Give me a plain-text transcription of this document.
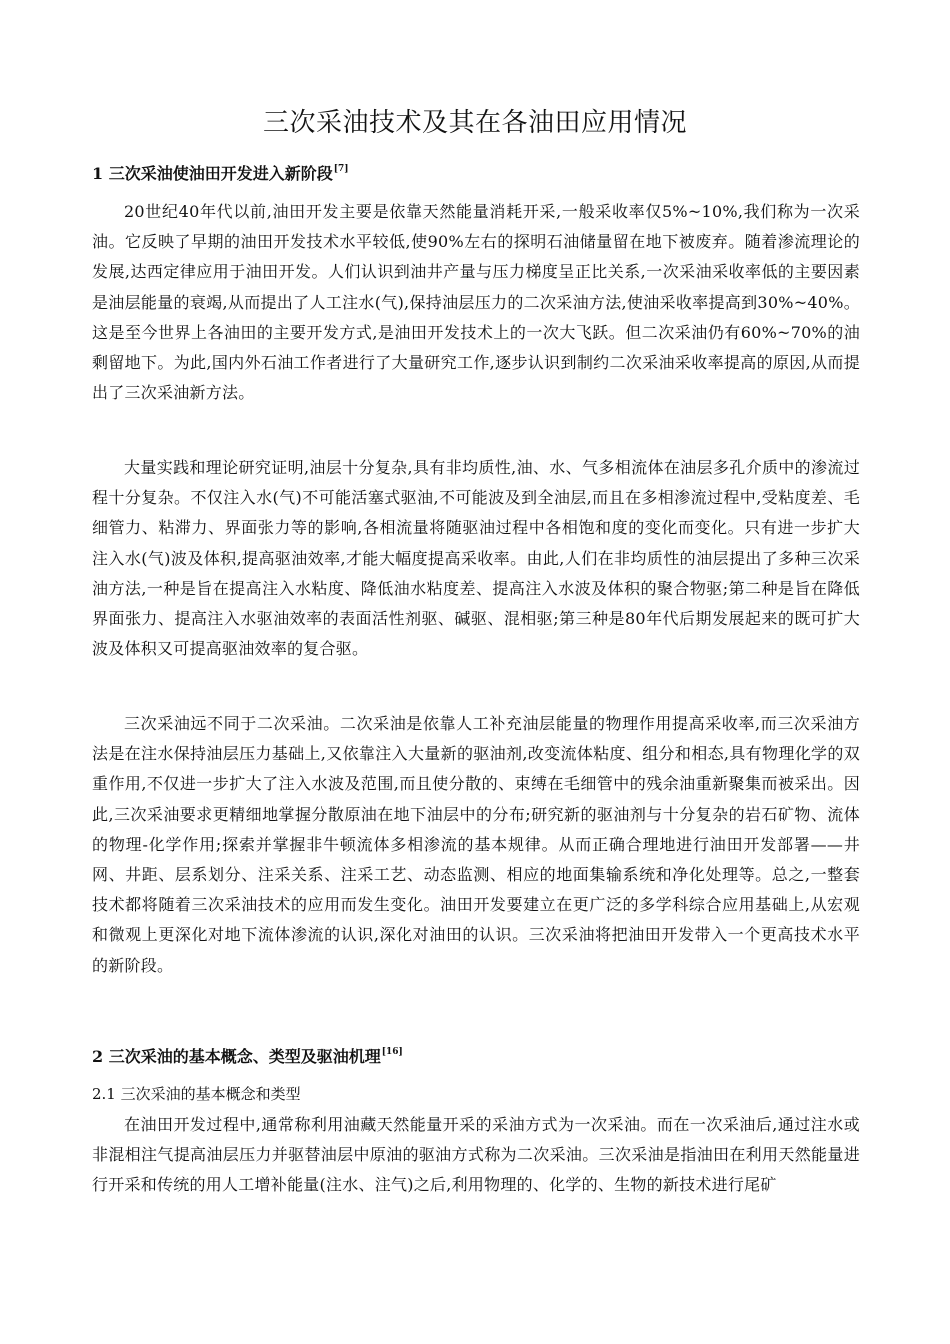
三次采油技术及其在各油田应用情况
1 三次采油使油田开发进入新阶段[7]

20世纪40年代以前,油田开发主要是依靠天然能量消耗开采,一般采收率仅5%~10%,我们称为一次采油。它反映了早期的油田开发技术水平较低,使90%左右的探明石油储量留在地下被废弃。随着渗流理论的发展,达西定律应用于油田开发。人们认识到油井产量与压力梯度呈正比关系,一次采油采收率低的主要因素是油层能量的衰竭,从而提出了人工注水(气),保持油层压力的二次采油方法,使油采收率提高到30%~40%。这是至今世界上各油田的主要开发方式,是油田开发技术上的一次大飞跃。但二次采油仍有60%~70%的油剩留地下。为此,国内外石油工作者进行了大量研究工作,逐步认识到制约二次采油采收率提高的原因,从而提出了三次采油新方法。

大量实践和理论研究证明,油层十分复杂,具有非均质性,油、水、气多相流体在油层多孔介质中的渗流过程十分复杂。不仅注入水(气)不可能活塞式驱油,不可能波及到全油层,而且在多相渗流过程中,受粘度差、毛细管力、粘滞力、界面张力等的影响,各相流量将随驱油过程中各相饱和度的变化而变化。只有进一步扩大注入水(气)波及体积,提高驱油效率,才能大幅度提高采收率。由此,人们在非均质性的油层提出了多种三次采油方法,一种是旨在提高注入水粘度、降低油水粘度差、提高注入水波及体积的聚合物驱;第二种是旨在降低界面张力、提高注入水驱油效率的表面活性剂驱、碱驱、混相驱;第三种是80年代后期发展起来的既可扩大波及体积又可提高驱油效率的复合驱。

三次采油远不同于二次采油。二次采油是依靠人工补充油层能量的物理作用提高采收率,而三次采油方法是在注水保持油层压力基础上,又依靠注入大量新的驱油剂,改变流体粘度、组分和相态,具有物理化学的双重作用,不仅进一步扩大了注入水波及范围,而且使分散的、束缚在毛细管中的残余油重新聚集而被采出。因此,三次采油要求更精细地掌握分散原油在地下油层中的分布;研究新的驱油剂与十分复杂的岩石矿物、流体的物理-化学作用;探索并掌握非牛顿流体多相渗流的基本规律。从而正确合理地进行油田开发部署——井网、井距、层系划分、注采关系、注采工艺、动态监测、相应的地面集输系统和净化处理等。总之,一整套技术都将随着三次采油技术的应用而发生变化。油田开发要建立在更广泛的多学科综合应用基础上,从宏观和微观上更深化对地下流体渗流的认识,深化对油田的认识。三次采油将把油田开发带入一个更高技术水平的新阶段。

2 三次采油的基本概念、类型及驱油机理[16]
2.1 三次采油的基本概念和类型

在油田开发过程中,通常称利用油藏天然能量开采的采油方式为一次采油。而在一次采油后,通过注水或非混相注气提高油层压力并驱替油层中原油的驱油方式称为二次采油。三次采油是指油田在利用天然能量进行开采和传统的用人工增补能量(注水、注气)之后,利用物理的、化学的、生物的新技术进行尾矿
